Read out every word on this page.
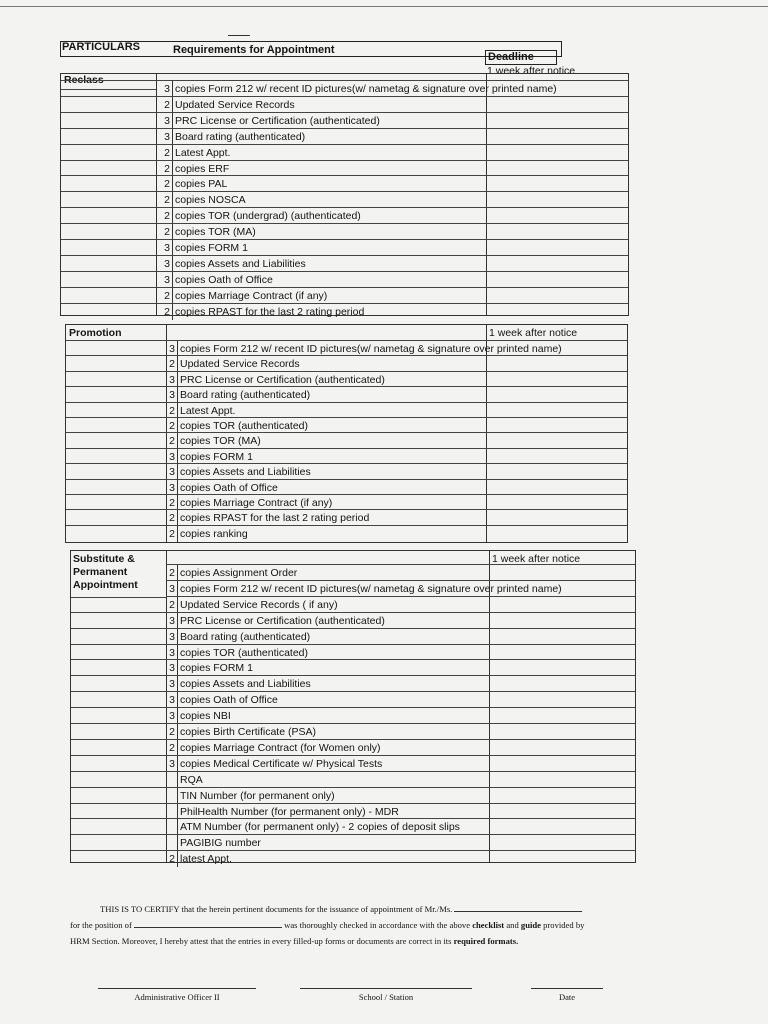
PARTICULARS	Requirements for Appointment
Deadline
1 week after notice
Reclass
3 copies Form 212 w/ recent ID pictures(w/ nametag & signature over printed name)
2 Updated Service Records
3 PRC License or Certification (authenticated)
3 Board rating (authenticated)
2 Latest Appt.
2 copies ERF
2 copies PAL
2 copies NOSCA
2 copies TOR (undergrad) (authenticated)
2 copies TOR (MA)
3 copies FORM 1
3 copies Assets and Liabilities
3 copies Oath of Office
2 copies Marriage Contract (if any)
2 copies RPAST for the last 2 rating period
Promotion	1 week after notice
3 copies Form 212 w/ recent ID pictures(w/ nametag & signature over printed name)
2 Updated Service Records
3 PRC License or Certification (authenticated)
3 Board rating (authenticated)
2 Latest Appt.
2 copies TOR (authenticated)
2 copies TOR (MA)
3 copies FORM 1
3 copies Assets and Liabilities
3 copies Oath of Office
2 copies Marriage Contract (if any)
2 copies RPAST for the last 2 rating period
2 copies ranking
Substitute &
Permanent
Appointment
1 week after notice
2 copies Assignment Order
3 copies Form 212 w/ recent ID pictures(w/ nametag & signature over printed name)
2 Updated Service Records ( if any)
3 PRC License or Certification (authenticated)
3 Board rating (authenticated)
3 copies TOR (authenticated)
3 copies FORM 1
3 copies Assets and Liabilities
3 copies Oath of Office
3 copies NBI
2 copies Birth Certificate (PSA)
2 copies Marriage Contract (for Women only)
3 copies Medical Certificate w/ Physical Tests
RQA
TIN Number (for permanent only)
PhilHealth Number (for permanent only) - MDR
ATM Number (for permanent only) - 2 copies of deposit slips
PAGIBIG number
2 latest Appt.
THIS IS TO CERTIFY that the herein pertinent documents for the issuance of appointment of Mr./Ms.
for the position of	was thoroughly checked in accordance with the above checklist and guide provided by
HRM Section. Moreover, I hereby attest that the entries in every filled-up forms or documents are correct in its required formats.
Administrative Officer II	School / Station	Date
